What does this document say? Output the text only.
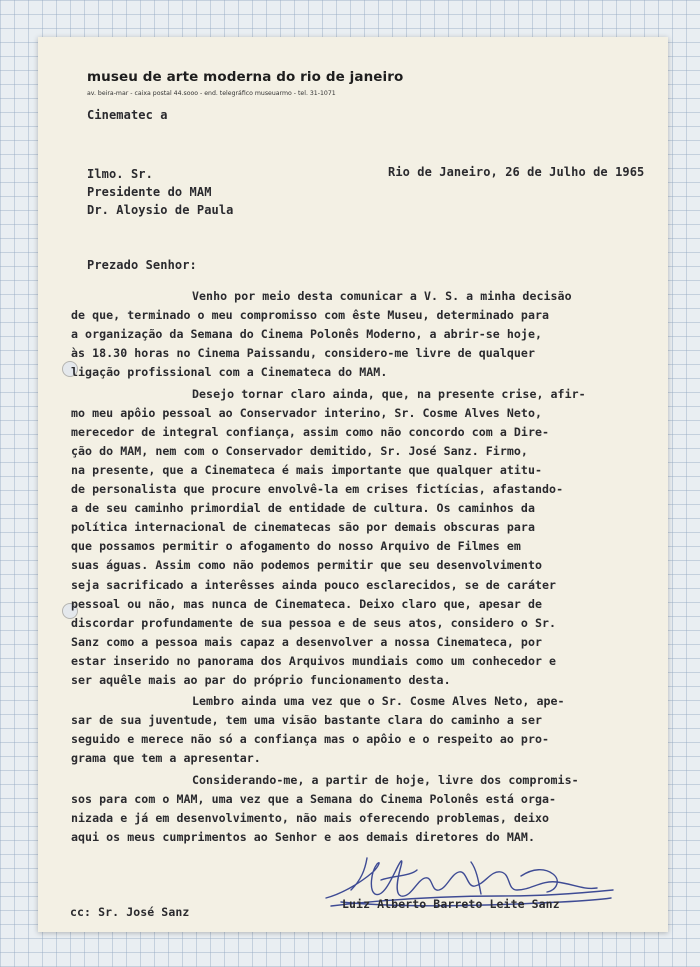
museu de arte moderna do rio de janeiro
av. beira-mar - caixa postal 44.sooo - end. telegráfico museuarmo - tel. 31-1071
Cinematec a
Ilmo. Sr.
Presidente do MAM
Dr. Aloysio de Paula
Rio de Janeiro, 26 de Julho de 1965
Prezado Senhor:
Venho por meio desta comunicar a V. S. a minha decisão
de que, terminado o meu compromisso com êste Museu, determinado para
a organização da Semana do Cinema Polonês Moderno, a abrir-se hoje,
às 18.30 horas no Cinema Paissandu, considero-me livre de qualquer
ligação profissional com a Cinemateca do MAM.
Desejo tornar claro ainda, que, na presente crise, afir-
mo meu apôio pessoal ao Conservador interino, Sr. Cosme Alves Neto,
merecedor de integral confiança, assim como não concordo com a Dire-
ção do MAM, nem com o Conservador demitido, Sr. José Sanz. Firmo,
na presente, que a Cinemateca é mais importante que qualquer atitu-
de personalista que procure envolvê-la em crises fictícias, afastando-
a de seu caminho primordial de entidade de cultura. Os caminhos da
política internacional de cinematecas são por demais obscuras para
que possamos permitir o afogamento do nosso Arquivo de Filmes em
suas águas. Assim como não podemos permitir que seu desenvolvimento
seja sacrificado a interêsses ainda pouco esclarecidos, se de caráter
pessoal ou não, mas nunca de Cinemateca. Deixo claro que, apesar de
discordar profundamente de sua pessoa e de seus atos, considero o Sr.
Sanz como a pessoa mais capaz a desenvolver a nossa Cinemateca, por
estar inserido no panorama dos Arquivos mundiais como um conhecedor e
ser aquêle mais ao par do próprio funcionamento desta.
Lembro ainda uma vez que o Sr. Cosme Alves Neto, ape-
sar de sua juventude, tem uma visão bastante clara do caminho a ser
seguido e merece não só a confiança mas o apôio e o respeito ao pro-
grama que tem a apresentar.
Considerando-me, a partir de hoje, livre dos compromis-
sos para com o MAM, uma vez que a Semana do Cinema Polonês está orga-
nizada e já em desenvolvimento, não mais oferecendo problemas, deixo
aqui os meus cumprimentos ao Senhor e aos demais diretores do MAM.
Luiz Alberto Barreto Leite Sanz
cc: Sr. José Sanz
